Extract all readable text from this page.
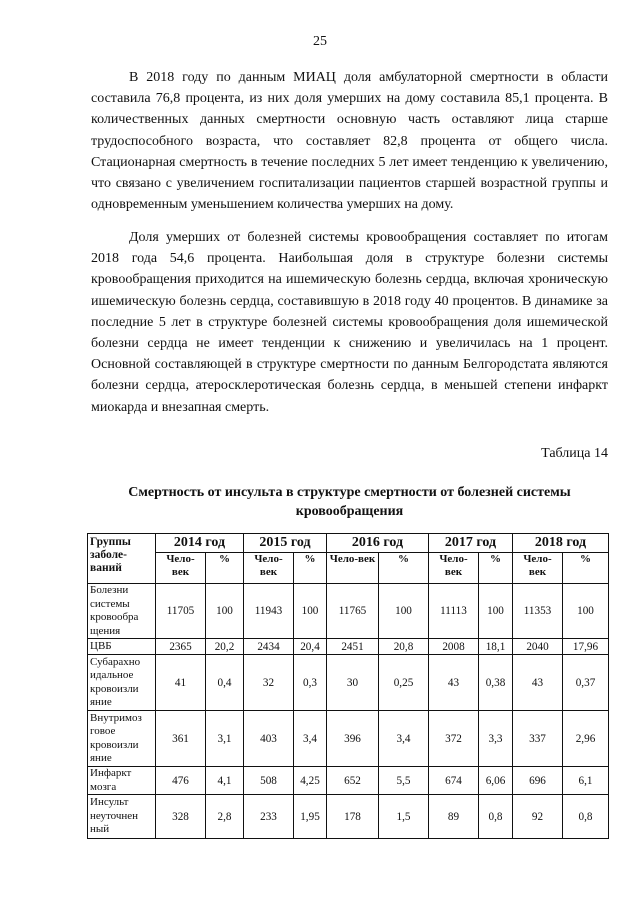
25

В 2018 году по данным МИАЦ доля амбулаторной смертности в области составила 76,8 процента, из них доля умерших на дому составила 85,1 процента. В количественных данных смертности основную часть оставляют лица старше трудоспособного возраста, что составляет 82,8 процента от общего числа. Стационарная смертность в течение последних 5 лет имеет тенденцию к увеличению, что связано с увеличением госпитализации пациентов старшей возрастной группы и одновременным уменьшением количества умерших на дому.

Доля умерших от болезней системы кровообращения составляет по итогам 2018 года 54,6 процента. Наибольшая доля в структуре болезни системы кровообращения приходится на ишемическую болезнь сердца, включая хроническую ишемическую болезнь сердца, составившую в 2018 году 40 процентов. В динамике за последние 5 лет в структуре болезней системы кровообращения доля ишемической болезни сердца не имеет тенденции к снижению и увеличилась на 1 процент. Основной составляющей в структуре смертности по данным Белгородстата являются болезни сердца, атеросклеротическая болезнь сердца, в меньшей степени инфаркт миокарда и внезапная смерть.

Таблица 14
Смертность от инсульта в структуре смертности от болезней системы кровообращения
Группы заболе-ваний	2014 год		2015 год		2016 год		2017 год		2018 год	
	Чело-век	%	Чело-век	%	Чело-век	%	Чело-век	%	Чело-век	%
Болезни системы кровообра щения	11705	100	11943	100	11765	100	11113	100	11353	100
ЦВБ	2365	20,2	2434	20,4	2451	20,8	2008	18,1	2040	17,96
Субарахно идальное кровоизли яние	41	0,4	32	0,3	30	0,25	43	0,38	43	0,37
Внутримоз говое кровоизли яние	361	3,1	403	3,4	396	3,4	372	3,3	337	2,96
Инфаркт мозга	476	4,1	508	4,25	652	5,5	674	6,06	696	6,1
Инсульт неуточнен ный	328	2,8	233	1,95	178	1,5	89	0,8	92	0,8
